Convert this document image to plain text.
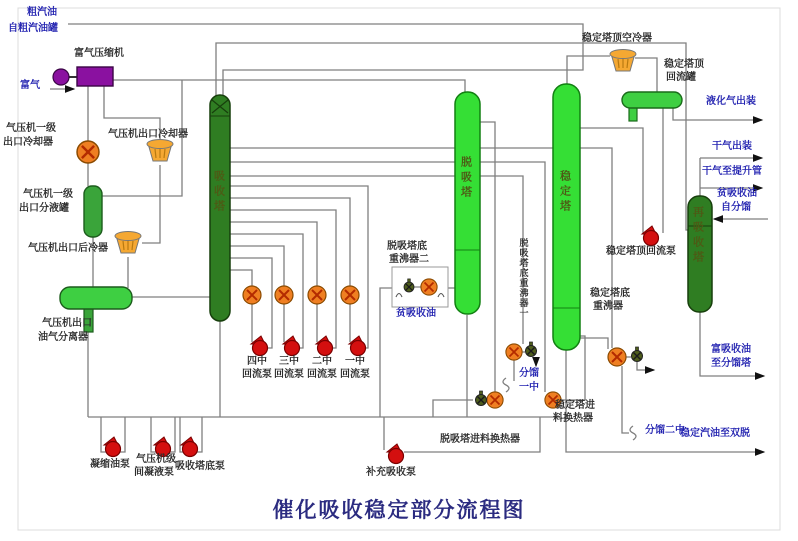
粗汽油
自粗汽油罐
富气
液化气出装
干气出装
干气至提升管
贫吸收油
自分馏
富吸收油
至分馏塔
稳定汽油至双脱
分馏
一中
分馏二中
贫吸收油
富气压缩机
气压机一级
出口冷却器
气压机出口冷却器
气压机一级
出口分液罐
气压机出口后冷器
气压机出口
油气分离器
四中
回流泵
三中
回流泵
二中
回流泵
一中
回流泵
凝缩油泵 气压机级
间凝液泵
吸收塔底泵
脱吸塔底
重沸器二
脱吸塔进料换热器
补充吸收泵
稳定塔顶空冷器
稳定塔顶
回流罐
稳定塔顶回流泵
稳定塔底
重沸器
稳定塔进
料换热器
吸收塔	脱吸塔	稳定塔
再吸收塔
脱吸塔底重沸器一
催化吸收稳定部分流程图
